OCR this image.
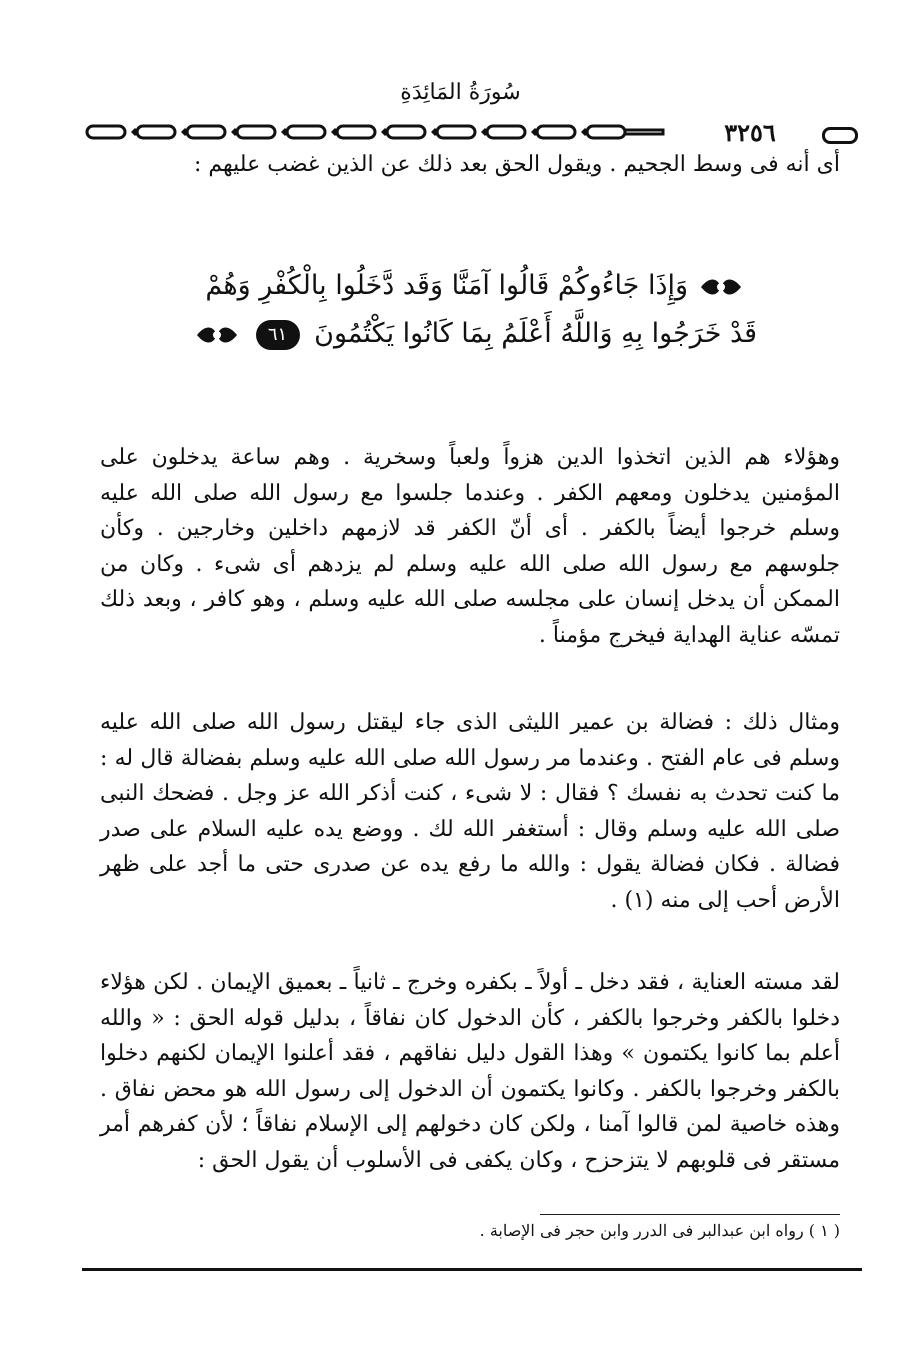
سُورَةُ المَائِدَةِ
٣٢٥٦
أى أنه فى وسط الجحيم . ويقول الحق بعد ذلك عن الذين غضب عليهم :
وَإِذَا جَاءُوكُمْ قَالُوا آمَنَّا وَقَد دَّخَلُوا بِالْكُفْرِ وَهُمْ
قَدْ خَرَجُوا بِهِ وَاللَّهُ أَعْلَمُ بِمَا كَانُوا يَكْتُمُونَ ٦١
وهؤلاء هم الذين اتخذوا الدين هزواً ولعباً وسخرية . وهم ساعة يدخلون على المؤمنين يدخلون ومعهم الكفر . وعندما جلسوا مع رسول الله صلى الله عليه وسلم خرجوا أيضاً بالكفر . أى أنّ الكفر قد لازمهم داخلين وخارجين . وكأن جلوسهم مع رسول الله صلى الله عليه وسلم لم يزدهم أى شىء . وكان من الممكن أن يدخل إنسان على مجلسه صلى الله عليه وسلم ، وهو كافر ، وبعد ذلك تمسّه عناية الهداية فيخرج مؤمناً .
ومثال ذلك : فضالة بن عمير الليثى الذى جاء ليقتل رسول الله صلى الله عليه وسلم فى عام الفتح . وعندما مر رسول الله صلى الله عليه وسلم بفضالة قال له : ما كنت تحدث به نفسك ؟ فقال : لا شىء ، كنت أذكر الله عز وجل . فضحك النبى صلى الله عليه وسلم وقال : أستغفر الله لك . ووضع يده عليه السلام على صدر فضالة . فكان فضالة يقول : والله ما رفع يده عن صدرى حتى ما أجد على ظهر الأرض أحب إلى منه (١) .
لقد مسته العناية ، فقد دخل ـ أولاً ـ بكفره وخرج ـ ثانياً ـ بعميق الإيمان . لكن هؤلاء دخلوا بالكفر وخرجوا بالكفر ، كأن الدخول كان نفاقاً ، بدليل قوله الحق : « والله أعلم بما كانوا يكتمون » وهذا القول دليل نفاقهم ، فقد أعلنوا الإيمان لكنهم دخلوا بالكفر وخرجوا بالكفر . وكانوا يكتمون أن الدخول إلى رسول الله هو محض نفاق . وهذه خاصية لمن قالوا آمنا ، ولكن كان دخولهم إلى الإسلام نفاقاً ؛ لأن كفرهم أمر مستقر فى قلوبهم لا يتزحزح ، وكان يكفى فى الأسلوب أن يقول الحق :
( ١ ) رواه ابن عبدالبر فى الدرر وابن حجر فى الإصابة .
